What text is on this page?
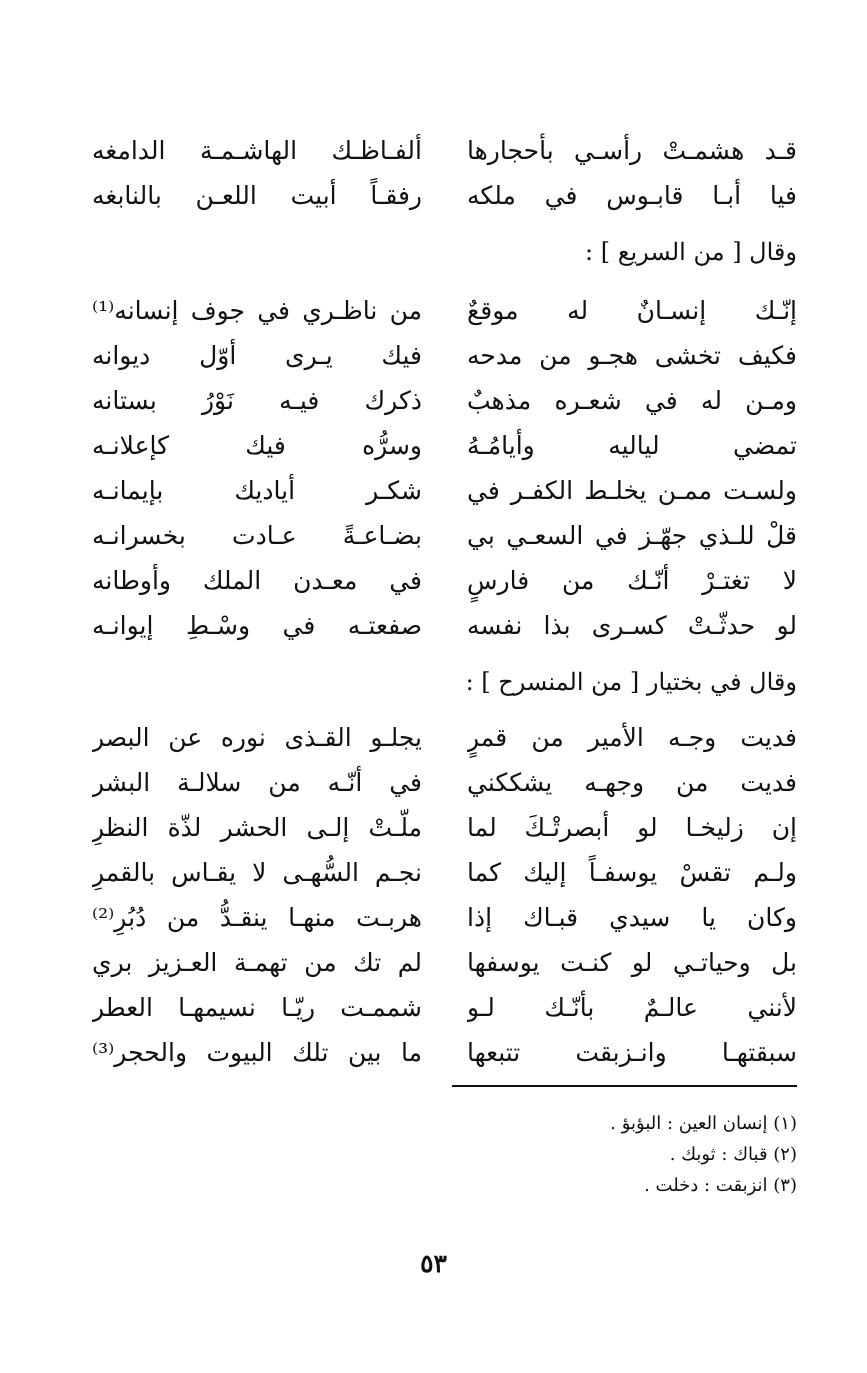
قـد هشمـتْ رأسـي بأحجارها
ألفـاظـك الهاشـمـة الدامغه
فيا أبـا قابـوس في ملكه
رفقـاً أبيت اللعـن بالنابغه
وقال [ من السريع ] :
إنّـك إنسـانٌ له موقعٌ
من ناظـري في جوف إنسانه⁽¹⁾
فكيف تخشى هجـو من مدحه
فيك يـرى أوّل ديوانه
ومـن له في شعـره مذهبٌ
ذكرك فيـه نَوْرُ بستانه
تمضي لياليه وأيامُـهُ
وسرُّه فيك كإعلانـه
ولسـت ممـن يخلـط الكفـر في
شكـر أياديك بإيمانـه
قلْ للـذي جهّـز في السعـي بي
بضـاعـةً عـادت بخسرانـه
لا تغتـرْ أنّـك من فارسٍ
في معـدن الملك وأوطانه
لو حدثّـتْ كسـرى بذا نفسه
صفعتـه في وسْـطِ إيوانـه
وقال في بختيار [ من المنسرح ] :
فديت وجـه الأمير من قمرٍ
يجلـو القـذى نوره عن البصر
فديت من وجهـه يشككني
في أنّـه من سلالـة البشر
إن زليخـا لو أبصرتْـكَ لما
ملّـتْ إلـى الحشر لذّة النظرِ
ولـم تقسْ يوسفـاً إليك كما
نجـم السُّهـى لا يقـاس بالقمرِ
وكان يا سيدي قبـاك إذا
هربـت منهـا ينقـدُّ من دُبُرِ⁽²⁾
بل وحياتـي لو كنـت يوسفها
لم تك من تهمـة العـزيز بري
لأنني عالـمٌ بأنّـك لـو
شممـت ريّـا نسيمهـا العطر
سبقتهـا وانـزبقت تتبعها
ما بين تلك البيوت والحجر⁽³⁾
(١) إنسان العين : البؤبؤ .
(٢) قباك : ثوبك .
(٣) انزبقت : دخلت .
٥٣
